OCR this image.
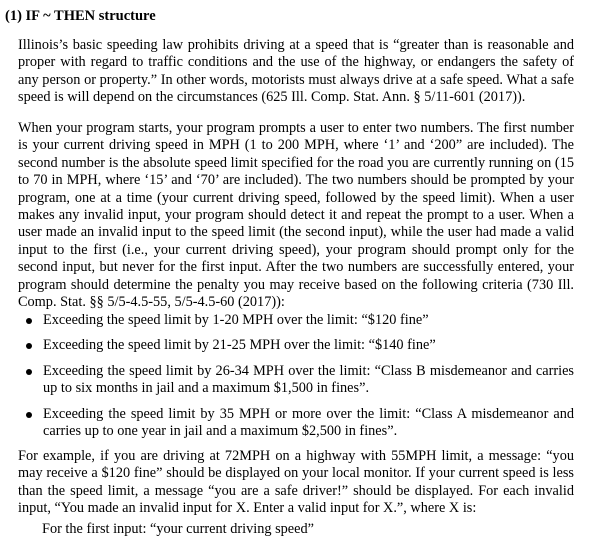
(1) IF ~ THEN structure
Illinois’s basic speeding law prohibits driving at a speed that is “greater than is reasonable and proper with regard to traffic conditions and the use of the highway, or endangers the safety of any person or property.” In other words, motorists must always drive at a safe speed. What a safe speed is will depend on the circumstances (625 Ill. Comp. Stat. Ann. § 5/11-601 (2017)).
When your program starts, your program prompts a user to enter two numbers. The first number is your current driving speed in MPH (1 to 200 MPH, where ‘1’ and ‘200” are included). The second number is the absolute speed limit specified for the road you are currently running on (15 to 70 in MPH, where ‘15’ and ‘70’ are included). The two numbers should be prompted by your program, one at a time (your current driving speed, followed by the speed limit). When a user makes any invalid input, your program should detect it and repeat the prompt to a user. When a user made an invalid input to the speed limit (the second input), while the user had made a valid input to the first (i.e., your current driving speed), your program should prompt only for the second input, but never for the first input. After the two numbers are successfully entered, your program should determine the penalty you may receive based on the following criteria (730 Ill. Comp. Stat. §§ 5/5-4.5-55, 5/5-4.5-60 (2017)):
Exceeding the speed limit by 1-20 MPH over the limit: “$120 fine”
Exceeding the speed limit by 21-25 MPH over the limit: “$140 fine”
Exceeding the speed limit by 26-34 MPH over the limit: “Class B misdemeanor and carries up to six months in jail and a maximum $1,500 in fines”.
Exceeding the speed limit by 35 MPH or more over the limit: “Class A misdemeanor and carries up to one year in jail and a maximum $2,500 in fines”.
For example, if you are driving at 72MPH on a highway with 55MPH limit, a message: “you may receive a $120 fine” should be displayed on your local monitor. If your current speed is less than the speed limit, a message “you are a safe driver!” should be displayed. For each invalid input, “You made an invalid input for X. Enter a valid input for X.”, where X is:
For the first input: “your current driving speed”
